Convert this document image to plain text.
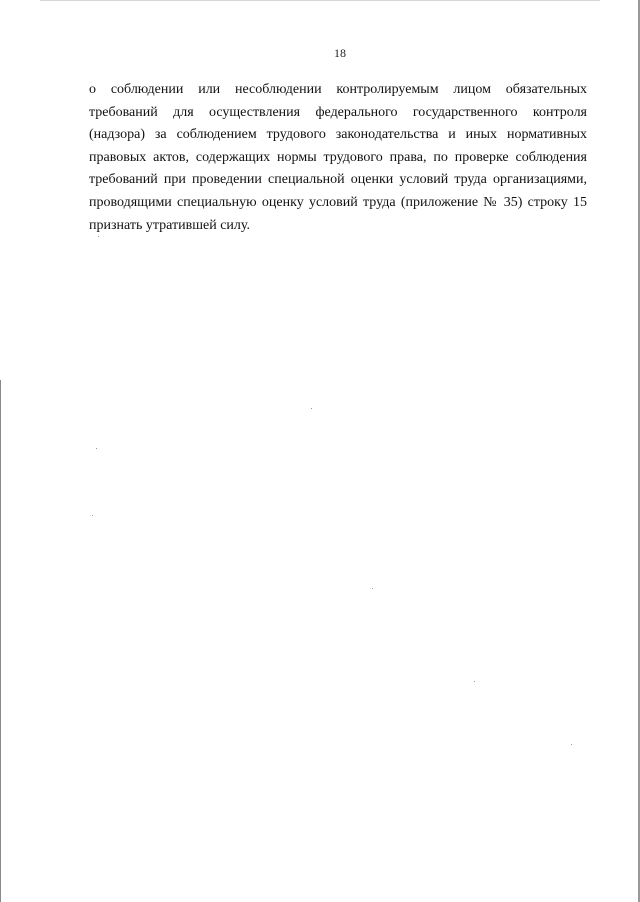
18
о соблюдении или несоблюдении контролируемым лицом обязательных
требований для осуществления федерального государственного контроля
(надзора) за соблюдением трудового законодательства и иных нормативных
правовых актов, содержащих нормы трудового права, по проверке соблюдения
требований при проведении специальной оценки условий труда организациями,
проводящими специальную оценку условий труда (приложение № 35) строку 15
признать утратившей силу.
